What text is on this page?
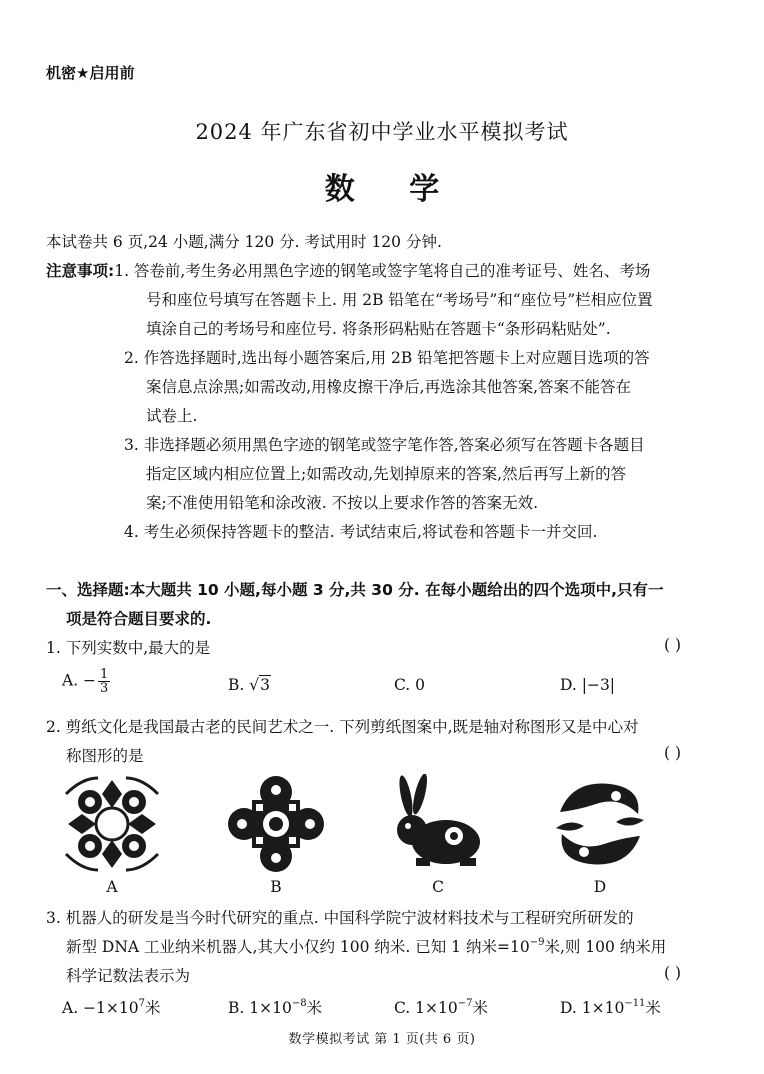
机密★启用前
2024 年广东省初中学业水平模拟考试
数 学
本试卷共 6 页,24 小题,满分 120 分. 考试用时 120 分钟.
注意事项:1. 答卷前,考生务必用黑色字迹的钢笔或签字笔将自己的准考证号、姓名、考场
号和座位号填写在答题卡上. 用 2B 铅笔在“考场号”和“座位号”栏相应位置
填涂自己的考场号和座位号. 将条形码粘贴在答题卡“条形码粘贴处”.
2. 作答选择题时,选出每小题答案后,用 2B 铅笔把答题卡上对应题目选项的答
案信息点涂黑;如需改动,用橡皮擦干净后,再选涂其他答案,答案不能答在
试卷上.
3. 非选择题必须用黑色字迹的钢笔或签字笔作答,答案必须写在答题卡各题目
指定区域内相应位置上;如需改动,先划掉原来的答案,然后再写上新的答
案;不准使用铅笔和涂改液. 不按以上要求作答的答案无效.
4. 考生必须保持答题卡的整洁. 考试结束后,将试卷和答题卡一并交回.
一、选择题:本大题共 10 小题,每小题 3 分,共 30 分. 在每小题给出的四个选项中,只有一
项是符合题目要求的.
1. 下列实数中,最大的是	( )
A. − $\frac{1}{3}$	B. √3	C. 0	D. |−3|
2. 剪纸文化是我国最古老的民间艺术之一. 下列剪纸图案中,既是轴对称图形又是中心对
称图形的是	( )
A	B	C	D
3. 机器人的研发是当今时代研究的重点. 中国科学院宁波材料技术与工程研究所研发的
新型 DNA 工业纳米机器人,其大小仅约 100 纳米. 已知 1 纳米$=10^{-9}$米,则 100 纳米用
科学记数法表示为	( )
A. $-1\times 10^7$米	B. $1\times 10^{-8}$米	C. $1\times 10^{-7}$米	D. $1\times 10^{-11}$米
数学模拟考试 第 1 页(共 6 页)
